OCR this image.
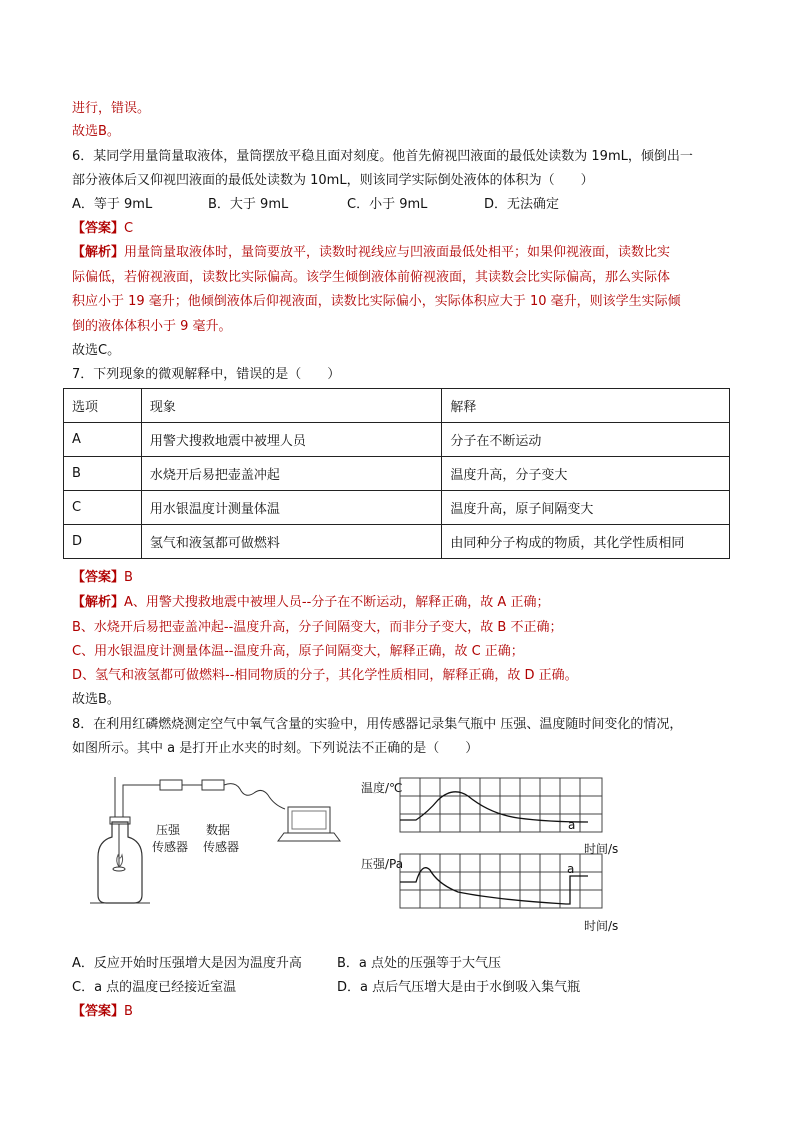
进行，错误。
故选B。
6．某同学用量筒量取液体，量筒摆放平稳且面对刻度。他首先俯视凹液面的最低处读数为 19mL，倾倒出一
部分液体后又仰视凹液面的最低处读数为 10mL，则该同学实际倒处液体的体积为（　　）
A．等于 9mL	B．大于 9mL	C．小于 9mL	D．无法确定
【答案】C
【解析】用量筒量取液体时，量筒要放平，读数时视线应与凹液面最低处相平；如果仰视液面，读数比实
际偏低，若俯视液面，读数比实际偏高。该学生倾倒液体前俯视液面，其读数会比实际偏高，那么实际体
积应小于 19 毫升；他倾倒液体后仰视液面，读数比实际偏小，实际体积应大于 10 毫升，则该学生实际倾
倒的液体体积小于 9 毫升。
故选C。
7．下列现象的微观解释中，错误的是（　　）
选项	现象	解释
A	用警犬搜救地震中被埋人员	分子在不断运动
B	水烧开后易把壶盖冲起	温度升高，分子变大
C	用水银温度计测量体温	温度升高，原子间隔变大
D	氢气和液氢都可做燃料	由同种分子构成的物质，其化学性质相同
【答案】B
【解析】A、用警犬搜救地震中被埋人员--分子在不断运动，解释正确，故 A 正确；
B、水烧开后易把壶盖冲起--温度升高，分子间隔变大，而非分子变大，故 B 不正确；
C、用水银温度计测量体温--温度升高，原子间隔变大，解释正确，故 C 正确；
D、氢气和液氢都可做燃料--相同物质的分子，其化学性质相同，解释正确，故 D 正确。
故选B。
8．在利用红磷燃烧测定空气中氧气含量的实验中，用传感器记录集气瓶中 压强、温度随时间变化的情况，
如图所示。其中 a 是打开止水夹的时刻。下列说法不正确的是（　　）
压强
传感器
数据
传感器
温度/℃
a
时间/s
压强/Pa	a
时间/s
A．反应开始时压强增大是因为温度升高	B．a 点处的压强等于大气压
C．a 点的温度已经接近室温	D．a 点后气压增大是由于水倒吸入集气瓶
【答案】B
